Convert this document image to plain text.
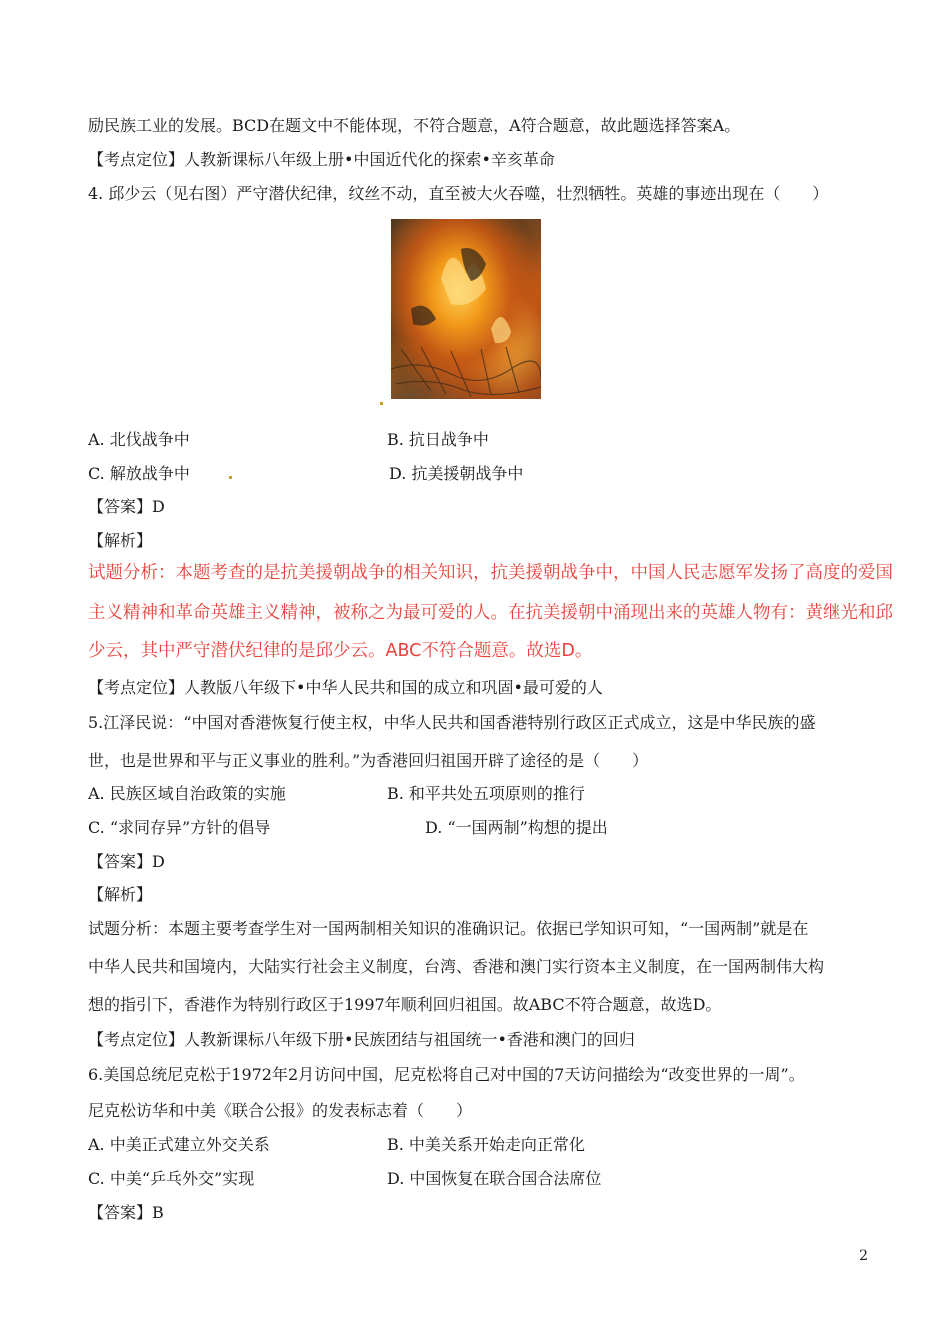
励民族工业的发展。BCD在题文中不能体现，不符合题意，A符合题意，故此题选择答案A。
【考点定位】人教新课标八年级上册•中国近代化的探索•辛亥革命
4. 邱少云（见右图）严守潜伏纪律，纹丝不动，直至被大火吞噬，壮烈牺牲。英雄的事迹出现在（　　）
A. 北伐战争中	B. 抗日战争中
C. 解放战争中	D. 抗美援朝战争中
【答案】D
【解析】
试题分析：本题考查的是抗美援朝战争的相关知识，抗美援朝战争中，中国人民志愿军发扬了高度的爱国
主义精神和革命英雄主义精神，被称之为最可爱的人。在抗美援朝中涌现出来的英雄人物有：黄继光和邱
少云，其中严守潜伏纪律的是邱少云。ABC不符合题意。故选D。
【考点定位】人教版八年级下•中华人民共和国的成立和巩固•最可爱的人
5.江泽民说：“中国对香港恢复行使主权，中华人民共和国香港特别行政区正式成立，这是中华民族的盛
世，也是世界和平与正义事业的胜利。”为香港回归祖国开辟了途径的是（　　）
A. 民族区域自治政策的实施	B. 和平共处五项原则的推行
C. “求同存异”方针的倡导	D. “一国两制”构想的提出
【答案】D
【解析】
试题分析：本题主要考查学生对一国两制相关知识的准确识记。依据已学知识可知，“一国两制”就是在
中华人民共和国境内，大陆实行社会主义制度，台湾、香港和澳门实行资本主义制度，在一国两制伟大构
想的指引下，香港作为特别行政区于1997年顺利回归祖国。故ABC不符合题意，故选D。
【考点定位】人教新课标八年级下册•民族团结与祖国统一•香港和澳门的回归
6.美国总统尼克松于1972年2月访问中国，尼克松将自己对中国的7天访问描绘为“改变世界的一周”。
尼克松访华和中美《联合公报》的发表标志着（　　）
A. 中美正式建立外交关系	B. 中美关系开始走向正常化
C. 中美“乒乓外交”实现	D. 中国恢复在联合国合法席位
【答案】B
2
